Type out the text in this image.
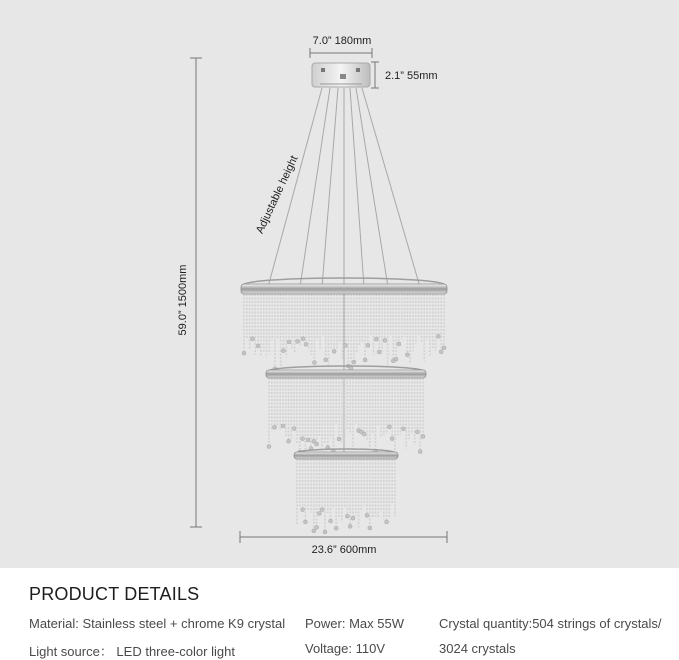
7.0” 180mm
2.1” 55mm
59.0” 1500mm
23.6” 600mm
Adjustable height
PRODUCT DETAILS
Material: Stainless steel + chrome K9 crystal
Light source： LED three-color light
Power: Max 55W
Voltage: 110V
Crystal quantity:504 strings of crystals/
3024 crystals
